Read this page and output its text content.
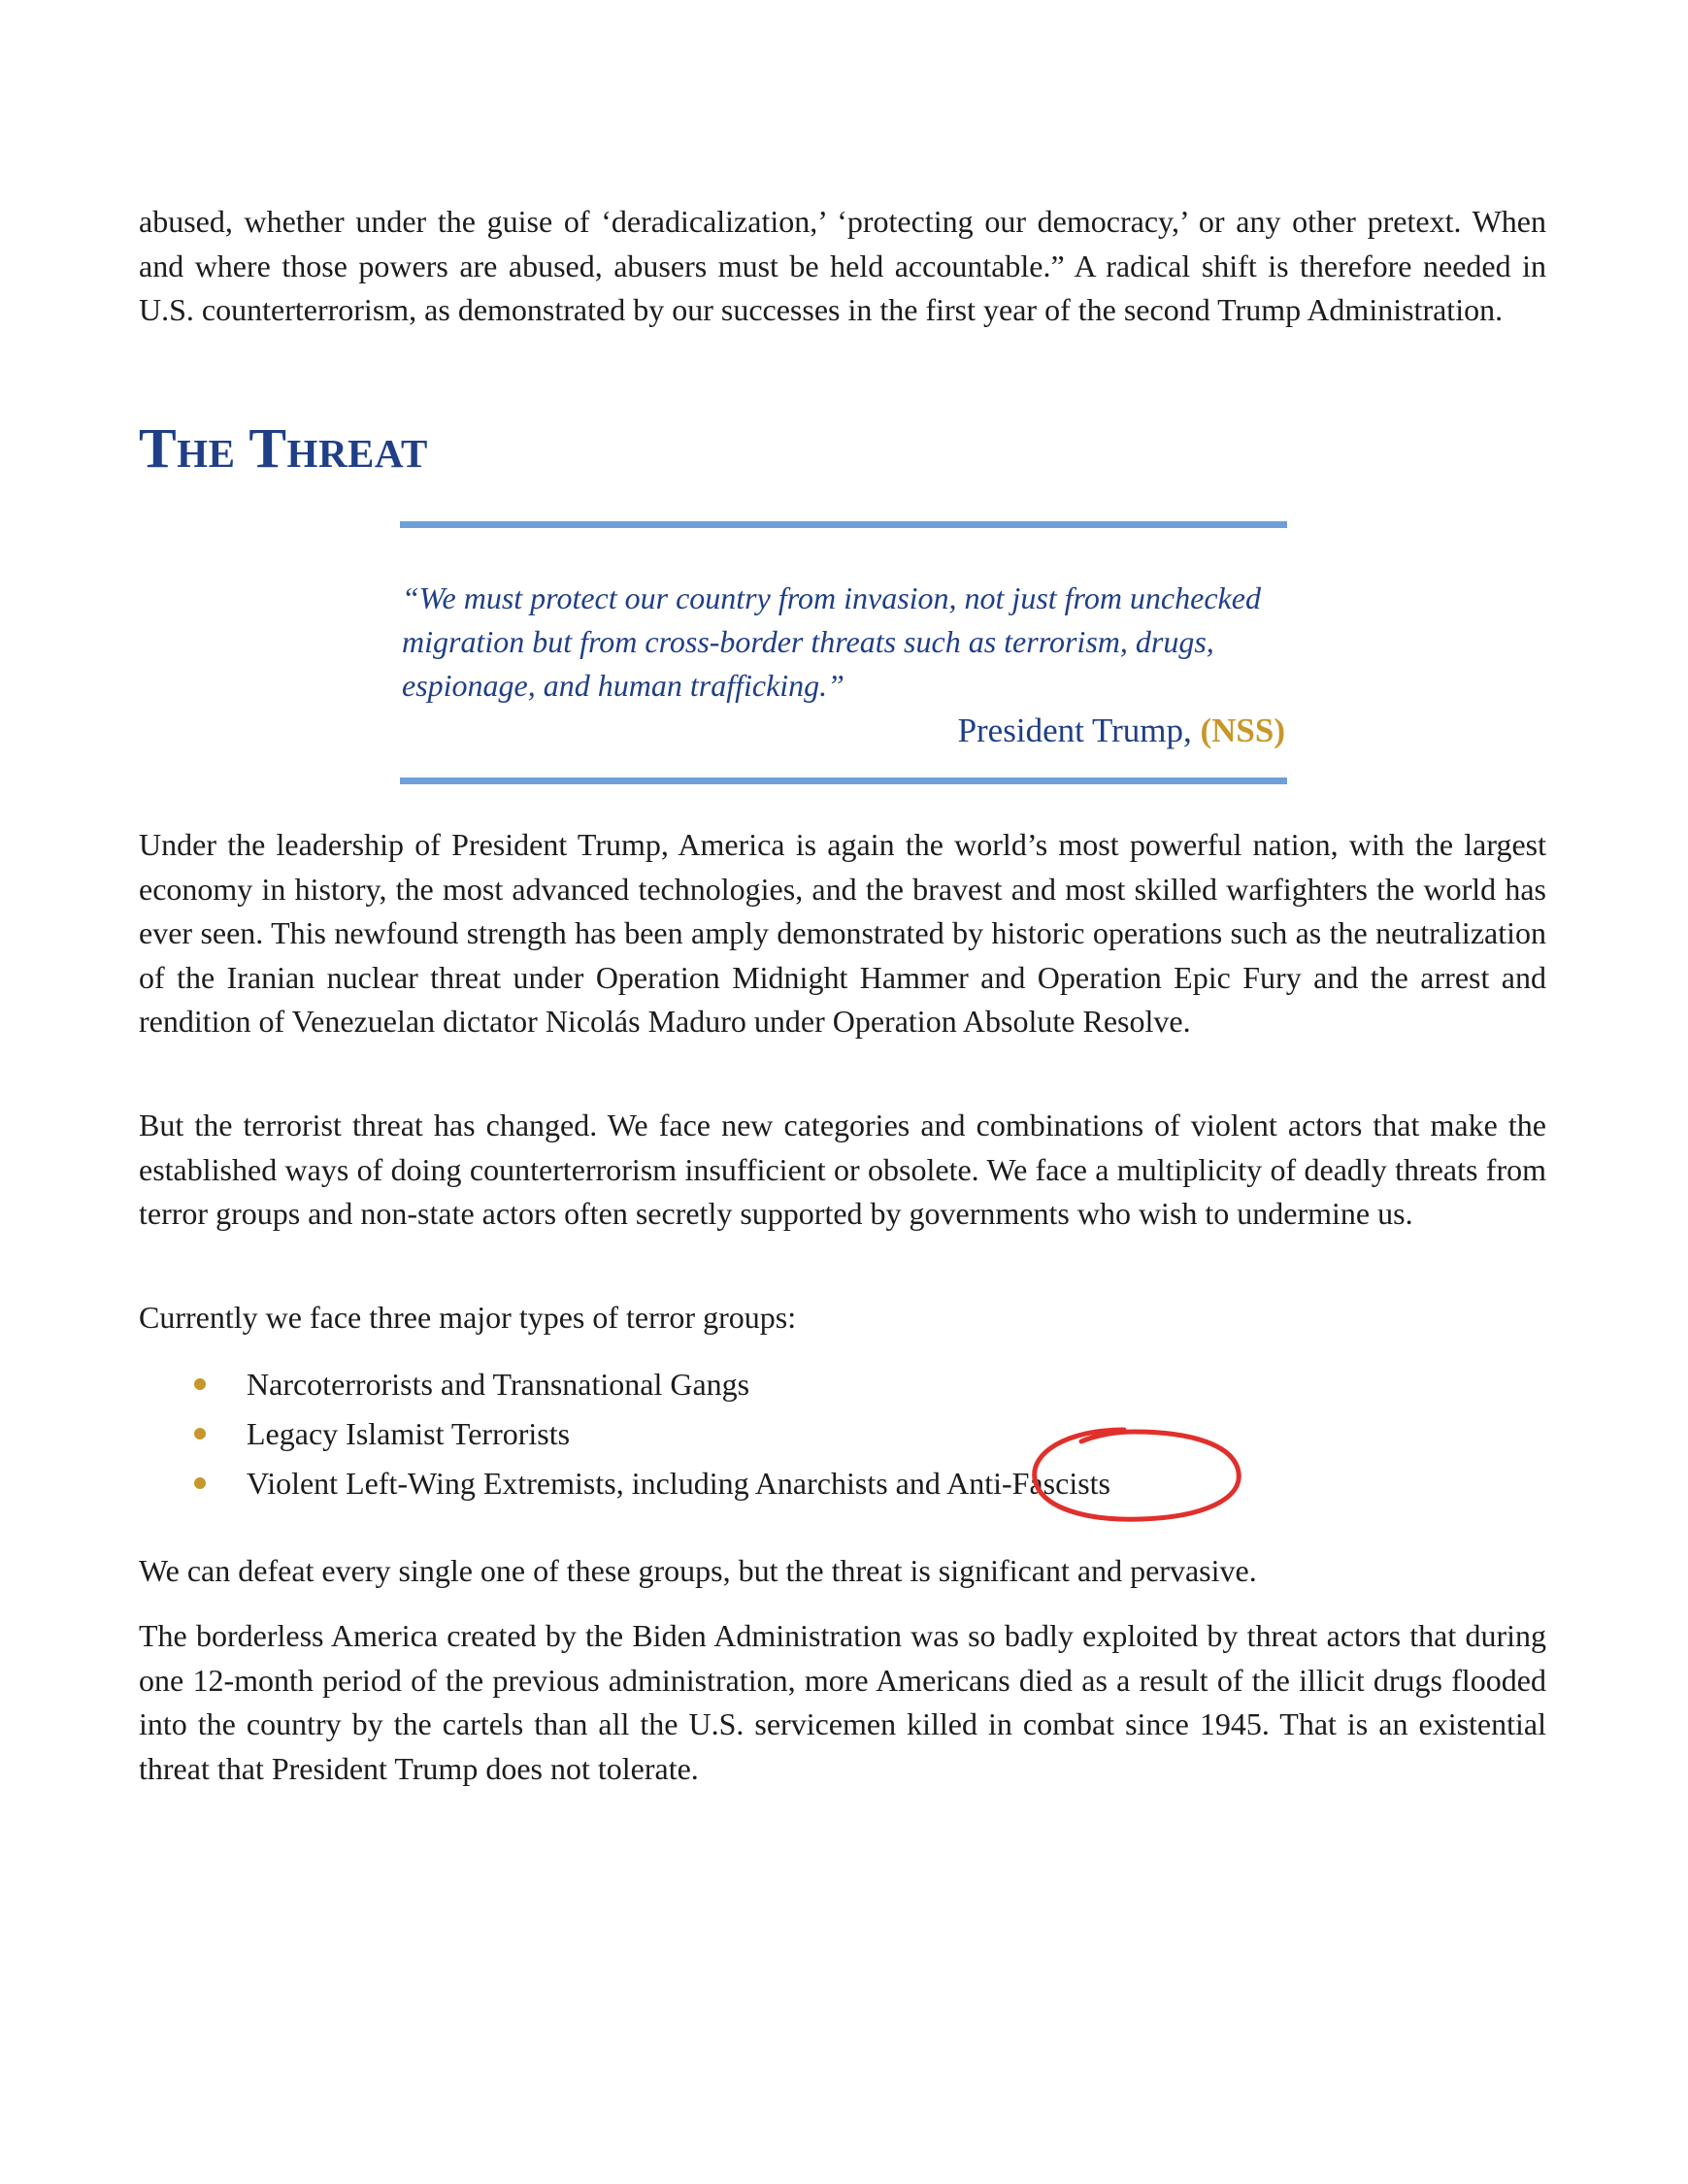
abused, whether under the guise of ‘deradicalization,’ ‘protecting our democracy,’ or any other pretext. When and where those powers are abused, abusers must be held accountable.” A radical shift is therefore needed in U.S. counterterrorism, as demonstrated by our successes in the first year of the second Trump Administration.

The Threat

“We must protect our country from invasion, not just from unchecked migration but from cross-border threats such as terrorism, drugs, espionage, and human trafficking.”

President Trump, (NSS)

Under the leadership of President Trump, America is again the world’s most powerful nation, with the largest economy in history, the most advanced technologies, and the bravest and most skilled warfighters the world has ever seen. This newfound strength has been amply demonstrated by historic operations such as the neutralization of the Iranian nuclear threat under Operation Midnight Hammer and Operation Epic Fury and the arrest and rendition of Venezuelan dictator Nicolás Maduro under Operation Absolute Resolve.

But the terrorist threat has changed. We face new categories and combinations of violent actors that make the established ways of doing counterterrorism insufficient or obsolete. We face a multiplicity of deadly threats from terror groups and non-state actors often secretly supported by governments who wish to undermine us.

Currently we face three major types of terror groups:

Narcoterrorists and Transnational Gangs
Legacy Islamist Terrorists
Violent Left-Wing Extremists, including Anarchists and Anti-Fascists

We can defeat every single one of these groups, but the threat is significant and pervasive.

The borderless America created by the Biden Administration was so badly exploited by threat actors that during one 12-month period of the previous administration, more Americans died as a result of the illicit drugs flooded into the country by the cartels than all the U.S. servicemen killed in combat since 1945. That is an existential threat that President Trump does not tolerate.
